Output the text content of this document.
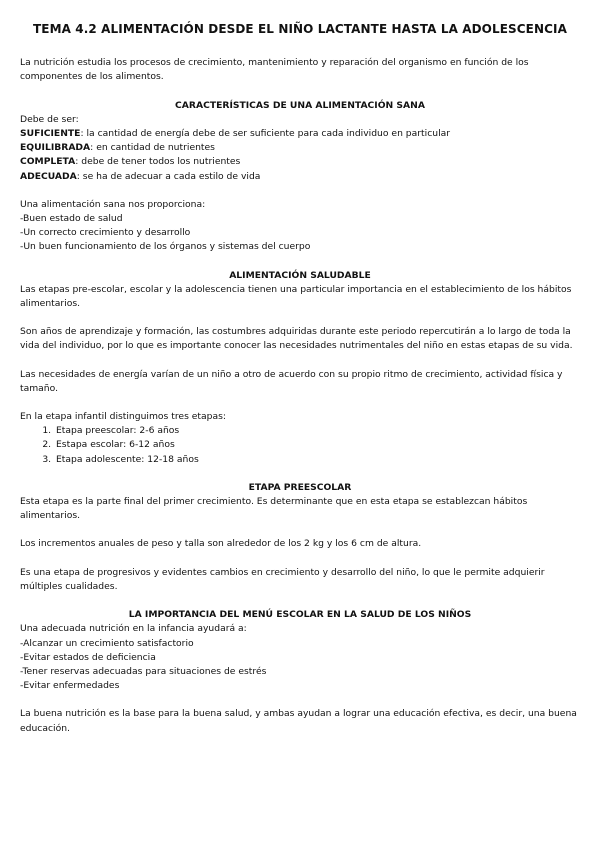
TEMA 4.2 ALIMENTACIÓN DESDE EL NIÑO LACTANTE HASTA LA ADOLESCENCIA

La nutrición estudia los procesos de crecimiento, mantenimiento y reparación del organismo en función de los componentes de los alimentos.

CARACTERÍSTICAS DE UNA ALIMENTACIÓN SANA

Debe de ser:

SUFICIENTE: la cantidad de energía debe de ser suficiente para cada individuo en particular

EQUILIBRADA: en cantidad de nutrientes

COMPLETA: debe de tener todos los nutrientes

ADECUADA: se ha de adecuar a cada estilo de vida

Una alimentación sana nos proporciona:

-Buen estado de salud

-Un correcto crecimiento y desarrollo

-Un buen funcionamiento de los órganos y sistemas del cuerpo

ALIMENTACIÓN SALUDABLE

Las etapas pre-escolar, escolar y la adolescencia tienen una particular importancia en el establecimiento de los hábitos alimentarios.

Son años de aprendizaje y formación, las costumbres adquiridas durante este periodo repercutirán a lo largo de toda la vida del individuo, por lo que es importante conocer las necesidades nutrimentales del niño en estas etapas de su vida.

Las necesidades de energía varían de un niño a otro de acuerdo con su propio ritmo de crecimiento, actividad física y tamaño.

En la etapa infantil distinguimos tres etapas:

1. Etapa preescolar: 2-6 años
2. Estapa escolar: 6-12 años
3. Etapa adolescente: 12-18 años

ETAPA PREESCOLAR

Esta etapa es la parte final del primer crecimiento. Es determinante que en esta etapa se establezcan hábitos alimentarios.

Los incrementos anuales de peso y talla son alrededor de los 2 kg y los 6 cm de altura.

Es una etapa de progresivos y evidentes cambios en crecimiento y desarrollo del niño, lo que le permite adquierir múltiples cualidades.

LA IMPORTANCIA DEL MENÚ ESCOLAR EN LA SALUD DE LOS NIÑOS

Una adecuada nutrición en la infancia ayudará a:

-Alcanzar un crecimiento satisfactorio

-Evitar estados de deficiencia

-Tener reservas adecuadas para situaciones de estrés

-Evitar enfermedades

La buena nutrición es la base para la buena salud, y ambas ayudan a lograr una educación efectiva, es decir, una buena educación.
